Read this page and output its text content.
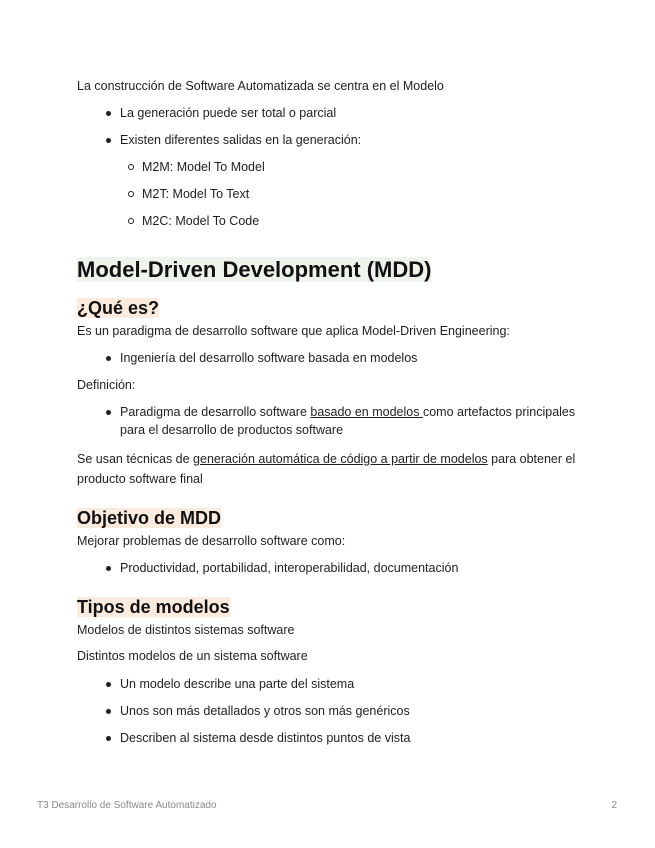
La construcción de Software Automatizada se centra en el Modelo

La generación puede ser total o parcial
Existen diferentes salidas en la generación:
M2M: Model To Model
M2T: Model To Text
M2C: Model To Code
Model-Driven Development (MDD)
¿Qué es?

Es un paradigma de desarrollo software que aplica Model-Driven Engineering:

Ingeniería del desarrollo software basada en modelos

Definición:

Paradigma de desarrollo software basado en modelos como artefactos principales para el desarrollo de productos software

Se usan técnicas de generación automática de código a partir de modelos para obtener el producto software final

Objetivo de MDD

Mejorar problemas de desarrollo software como:

Productividad, portabilidad, interoperabilidad, documentación
Tipos de modelos

Modelos de distintos sistemas software

Distintos modelos de un sistema software

Un modelo describe una parte del sistema
Unos son más detallados y otros son más genéricos
Describen al sistema desde distintos puntos de vista
T3 Desarrollo de Software Automatizado	2
